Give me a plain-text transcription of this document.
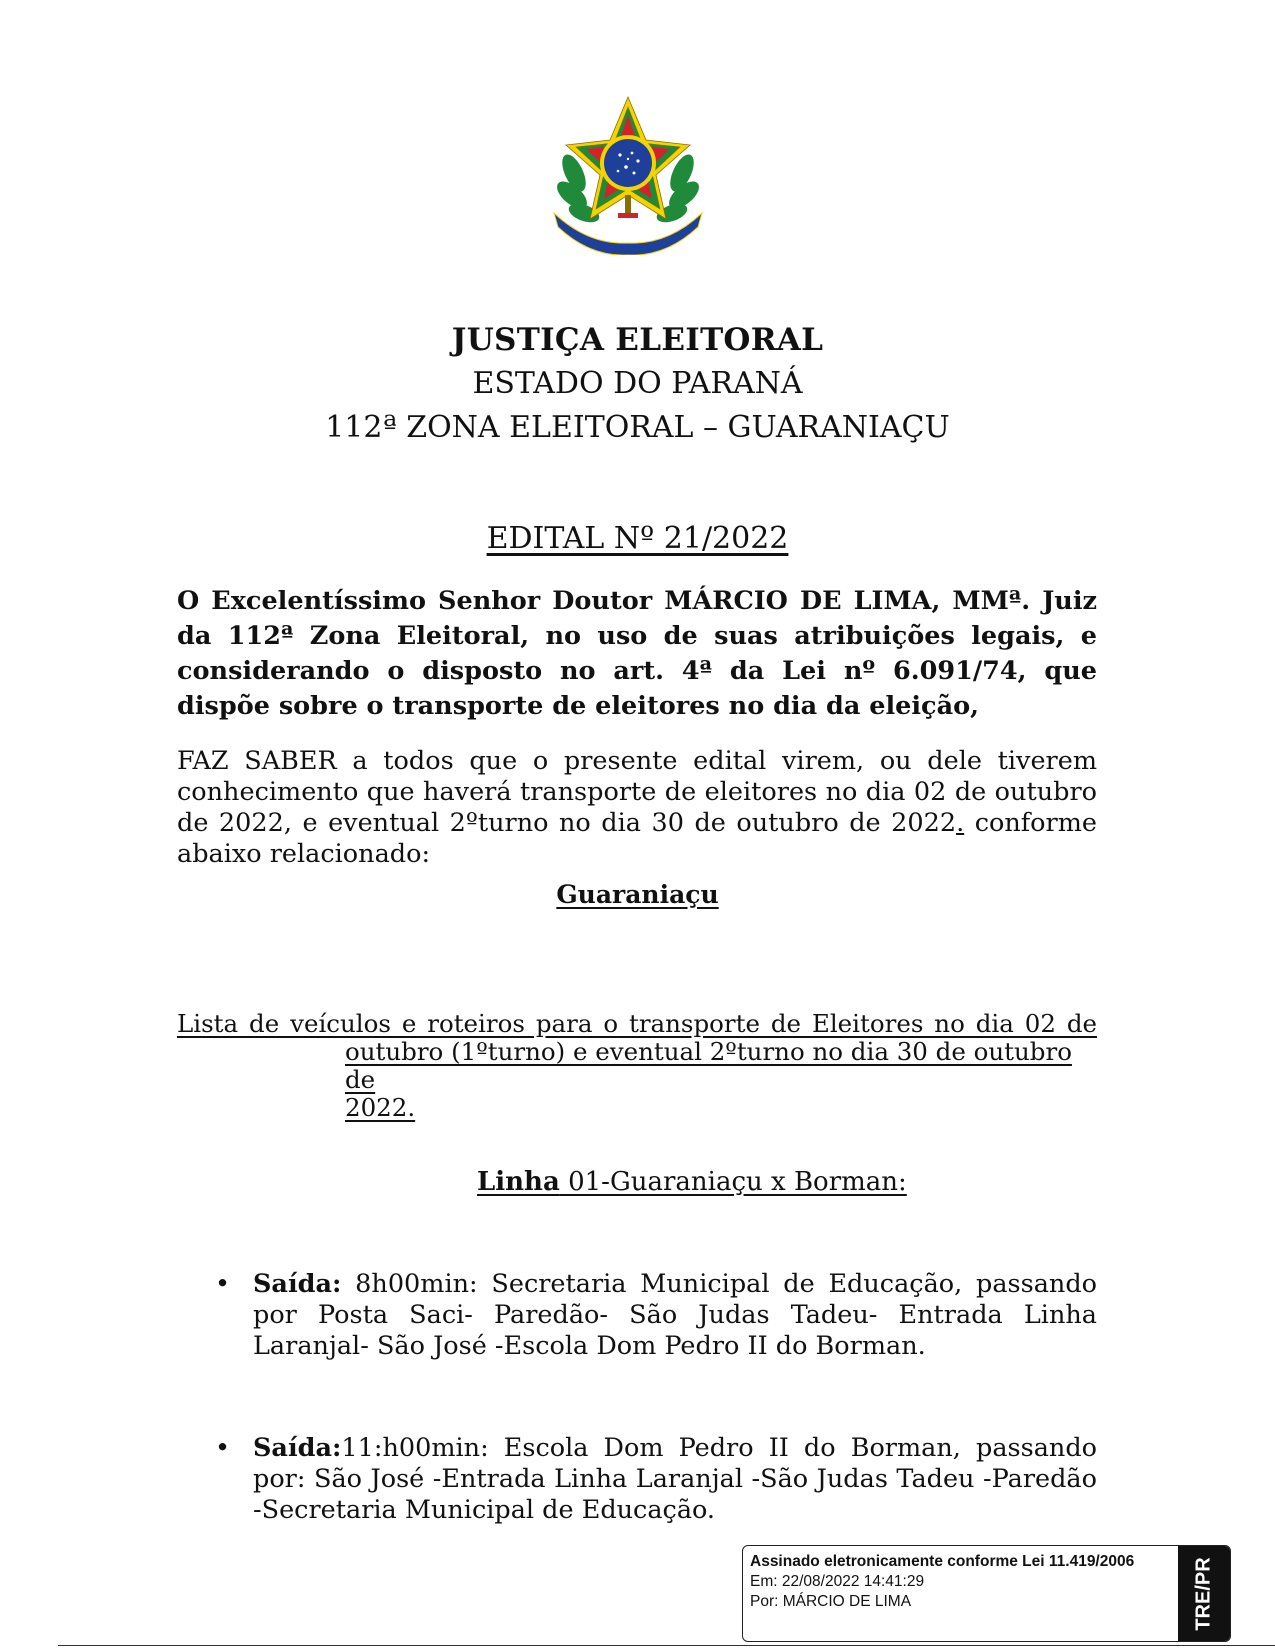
JUSTIÇA ELEITORAL
ESTADO DO PARANÁ
112ª ZONA ELEITORAL – GUARANIAÇU
EDITAL Nº 21/2022
O Excelentíssimo Senhor Doutor MÁRCIO DE LIMA, MMª. Juiz da 112ª Zona Eleitoral, no uso de suas atribuições legais, e considerando o disposto no art. 4ª da Lei nº 6.091/74, que dispõe sobre o transporte de eleitores no dia da eleição,
FAZ SABER a todos que o presente edital virem, ou dele tiverem conhecimento que haverá transporte de eleitores no dia 02 de outubro de 2022, e eventual 2ºturno no dia 30 de outubro de 2022. conforme abaixo relacionado:
Guaraniaçu
Lista de veículos e roteiros para o transporte de Eleitores no dia 02 de
outubro (1ºturno) e eventual 2ºturno no dia 30 de outubro de
2022.
Linha 01-Guaraniaçu x Borman:
• Saída: 8h00min: Secretaria Municipal de Educação, passando por Posta Saci- Paredão- São Judas Tadeu- Entrada Linha Laranjal- São José -Escola Dom Pedro II do Borman.
• Saída:11:h00min: Escola Dom Pedro II do Borman, passando por: São José -Entrada Linha Laranjal -São Judas Tadeu -Paredão -Secretaria Municipal de Educação.
Assinado eletronicamente conforme Lei 11.419/2006
Em: 22/08/2022 14:41:29
Por: MÁRCIO DE LIMA	TRE/PR
